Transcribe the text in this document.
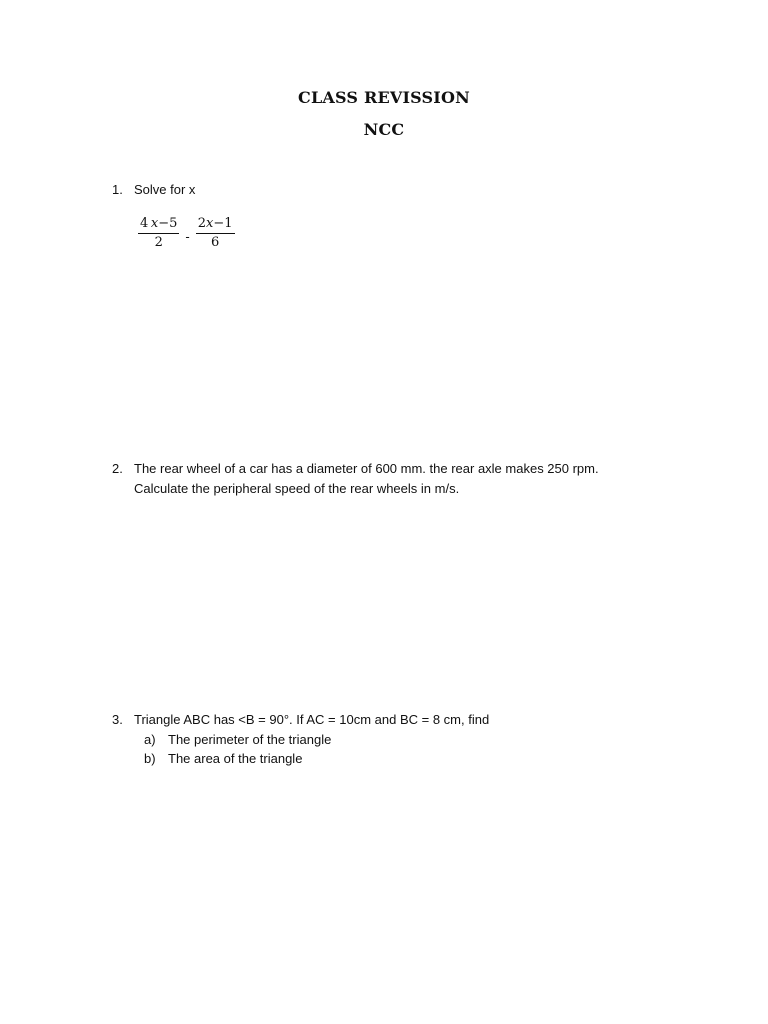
CLASS REVISSION
NCC
1. Solve for x
$\frac{4 x-5}{2} - \frac{2x-1}{6}$
2. The rear wheel of a car has a diameter of 600 mm. the rear axle makes 250 rpm.
Calculate the peripheral speed of the rear wheels in m/s.
3. Triangle ABC has <B = 90°. If AC = 10cm and BC = 8 cm, find
a) The perimeter of the triangle
b) The area of the triangle
